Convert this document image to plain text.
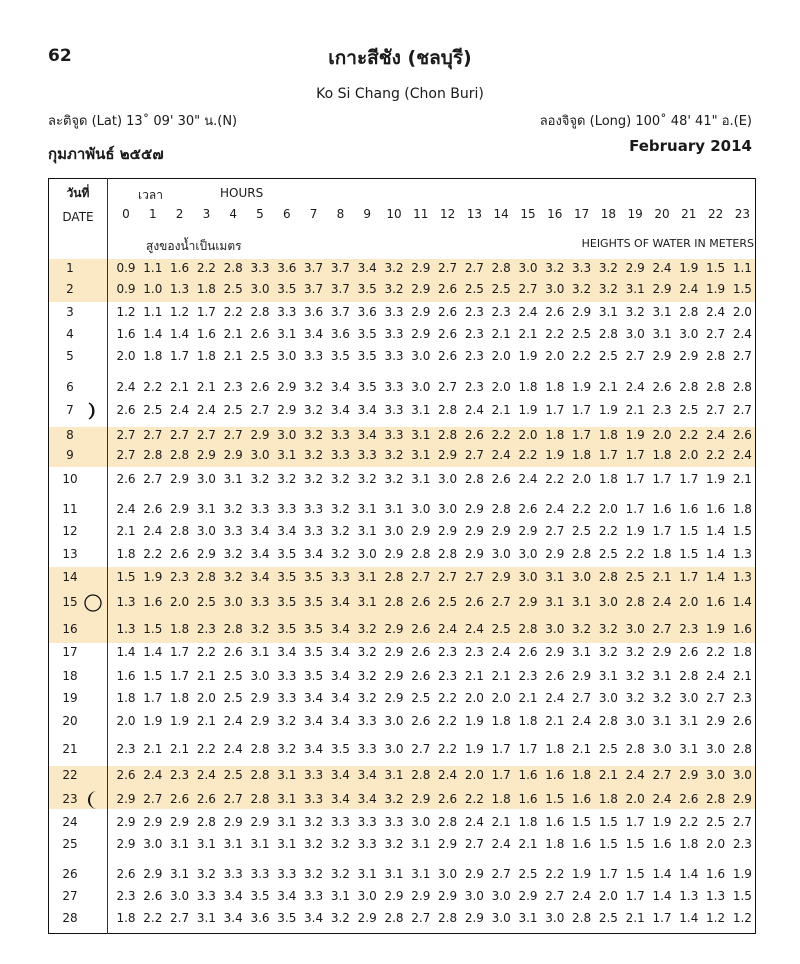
62	เกาะสีชัง (ชลบุรี)
Ko Si Chang (Chon Buri)
ละติจูด (Lat) 13˚ 09' 30" น.(N)	ลองจิจูด (Long) 100˚ 48' 41" อ.(E)
กุมภาพันธ์ ๒๕๕๗	February 2014
วันที่
DATE
เวลา	HOURS
สูงของน้ำเป็นเมตร	HEIGHTS OF WATER IN METERS
0	1	2	3	4	5	6	7	8	9	10 11 12 13 14 15 16 17 18 19 20 21 22 23
1	0.9 1.1 1.6 2.2 2.8 3.3 3.6 3.7 3.7 3.4 3.2 2.9 2.7 2.7 2.8 3.0 3.2 3.3 3.2 2.9 2.4 1.9 1.5 1.1
2	0.9 1.0 1.3 1.8 2.5 3.0 3.5 3.7 3.7 3.5 3.2 2.9 2.6 2.5 2.5 2.7 3.0 3.2 3.2 3.1 2.9 2.4 1.9 1.5
3	1.2 1.1 1.2 1.7 2.2 2.8 3.3 3.6 3.7 3.6 3.3 2.9 2.6 2.3 2.3 2.4 2.6 2.9 3.1 3.2 3.1 2.8 2.4 2.0
4	1.6 1.4 1.4 1.6 2.1 2.6 3.1 3.4 3.6 3.5 3.3 2.9 2.6 2.3 2.1 2.1 2.2 2.5 2.8 3.0 3.1 3.0 2.7 2.4
5	2.0 1.8 1.7 1.8 2.1 2.5 3.0 3.3 3.5 3.5 3.3 3.0 2.6 2.3 2.0 1.9 2.0 2.2 2.5 2.7 2.9 2.9 2.8 2.7
6	2.4 2.2 2.1 2.1 2.3 2.6 2.9 3.2 3.4 3.5 3.3 3.0 2.7 2.3 2.0 1.8 1.8 1.9 2.1 2.4 2.6 2.8 2.8 2.8
7	2.6 2.5 2.4 2.4 2.5 2.7 2.9 3.2 3.4 3.4 3.3 3.1 2.8 2.4 2.1 1.9 1.7 1.7 1.9 2.1 2.3 2.5 2.7 2.7
8	2.7 2.7 2.7 2.7 2.7 2.9 3.0 3.2 3.3 3.4 3.3 3.1 2.8 2.6 2.2 2.0 1.8 1.7 1.8 1.9 2.0 2.2 2.4 2.6
9	2.7 2.8 2.8 2.9 2.9 3.0 3.1 3.2 3.3 3.3 3.2 3.1 2.9 2.7 2.4 2.2 1.9 1.8 1.7 1.7 1.8 2.0 2.2 2.4
10	2.6 2.7 2.9 3.0 3.1 3.2 3.2 3.2 3.2 3.2 3.2 3.1 3.0 2.8 2.6 2.4 2.2 2.0 1.8 1.7 1.7 1.7 1.9 2.1
11	2.4 2.6 2.9 3.1 3.2 3.3 3.3 3.3 3.2 3.1 3.1 3.0 3.0 2.9 2.8 2.6 2.4 2.2 2.0 1.7 1.6 1.6 1.6 1.8
12	2.1 2.4 2.8 3.0 3.3 3.4 3.4 3.3 3.2 3.1 3.0 2.9 2.9 2.9 2.9 2.9 2.7 2.5 2.2 1.9 1.7 1.5 1.4 1.5
13	1.8 2.2 2.6 2.9 3.2 3.4 3.5 3.4 3.2 3.0 2.9 2.8 2.8 2.9 3.0 3.0 2.9 2.8 2.5 2.2 1.8 1.5 1.4 1.3
14	1.5 1.9 2.3 2.8 3.2 3.4 3.5 3.5 3.3 3.1 2.8 2.7 2.7 2.7 2.9 3.0 3.1 3.0 2.8 2.5 2.1 1.7 1.4 1.3
15	1.3 1.6 2.0 2.5 3.0 3.3 3.5 3.5 3.4 3.1 2.8 2.6 2.5 2.6 2.7 2.9 3.1 3.1 3.0 2.8 2.4 2.0 1.6 1.4
16	1.3 1.5 1.8 2.3 2.8 3.2 3.5 3.5 3.4 3.2 2.9 2.6 2.4 2.4 2.5 2.8 3.0 3.2 3.2 3.0 2.7 2.3 1.9 1.6
17	1.4 1.4 1.7 2.2 2.6 3.1 3.4 3.5 3.4 3.2 2.9 2.6 2.3 2.3 2.4 2.6 2.9 3.1 3.2 3.2 2.9 2.6 2.2 1.8
18	1.6 1.5 1.7 2.1 2.5 3.0 3.3 3.5 3.4 3.2 2.9 2.6 2.3 2.1 2.1 2.3 2.6 2.9 3.1 3.2 3.1 2.8 2.4 2.1
19	1.8 1.7 1.8 2.0 2.5 2.9 3.3 3.4 3.4 3.2 2.9 2.5 2.2 2.0 2.0 2.1 2.4 2.7 3.0 3.2 3.2 3.0 2.7 2.3
20	2.0 1.9 1.9 2.1 2.4 2.9 3.2 3.4 3.4 3.3 3.0 2.6 2.2 1.9 1.8 1.8 2.1 2.4 2.8 3.0 3.1 3.1 2.9 2.6
21	2.3 2.1 2.1 2.2 2.4 2.8 3.2 3.4 3.5 3.3 3.0 2.7 2.2 1.9 1.7 1.7 1.8 2.1 2.5 2.8 3.0 3.1 3.0 2.8
22	2.6 2.4 2.3 2.4 2.5 2.8 3.1 3.3 3.4 3.4 3.1 2.8 2.4 2.0 1.7 1.6 1.6 1.8 2.1 2.4 2.7 2.9 3.0 3.0
23	2.9 2.7 2.6 2.6 2.7 2.8 3.1 3.3 3.4 3.4 3.2 2.9 2.6 2.2 1.8 1.6 1.5 1.6 1.8 2.0 2.4 2.6 2.8 2.9
24	2.9 2.9 2.9 2.8 2.9 2.9 3.1 3.2 3.3 3.3 3.3 3.0 2.8 2.4 2.1 1.8 1.6 1.5 1.5 1.7 1.9 2.2 2.5 2.7
25	2.9 3.0 3.1 3.1 3.1 3.1 3.1 3.2 3.2 3.3 3.2 3.1 2.9 2.7 2.4 2.1 1.8 1.6 1.5 1.5 1.6 1.8 2.0 2.3
26	2.6 2.9 3.1 3.2 3.3 3.3 3.3 3.2 3.2 3.1 3.1 3.1 3.0 2.9 2.7 2.5 2.2 1.9 1.7 1.5 1.4 1.4 1.6 1.9
27	2.3 2.6 3.0 3.3 3.4 3.5 3.4 3.3 3.1 3.0 2.9 2.9 2.9 3.0 3.0 2.9 2.7 2.4 2.0 1.7 1.4 1.3 1.3 1.5
28	1.8 2.2 2.7 3.1 3.4 3.6 3.5 3.4 3.2 2.9 2.8 2.7 2.8 2.9 3.0 3.1 3.0 2.8 2.5 2.1 1.7 1.4 1.2 1.2
